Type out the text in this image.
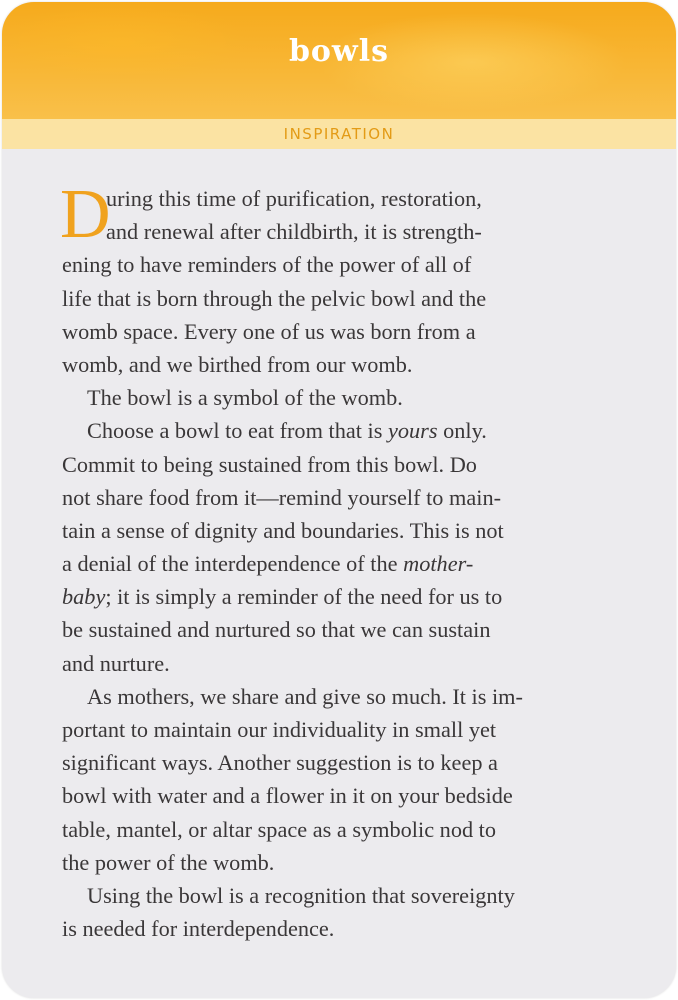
bowls
INSPIRATION
D
uring this time of purification, restoration,
and renewal after childbirth, it is strength-
ening to have reminders of the power of all of
life that is born through the pelvic bowl and the
womb space. Every one of us was born from a
womb, and we birthed from our womb.
The bowl is a symbol of the womb.
Choose a bowl to eat from that is yours only.
Commit to being sustained from this bowl. Do
not share food from it—remind yourself to main-
tain a sense of dignity and boundaries. This is not
a denial of the interdependence of the mother-
baby; it is simply a reminder of the need for us to
be sustained and nurtured so that we can sustain
and nurture.
As mothers, we share and give so much. It is im-
portant to maintain our individuality in small yet
significant ways. Another suggestion is to keep a
bowl with water and a flower in it on your bedside
table, mantel, or altar space as a symbolic nod to
the power of the womb.
Using the bowl is a recognition that sovereignty
is needed for interdependence.
